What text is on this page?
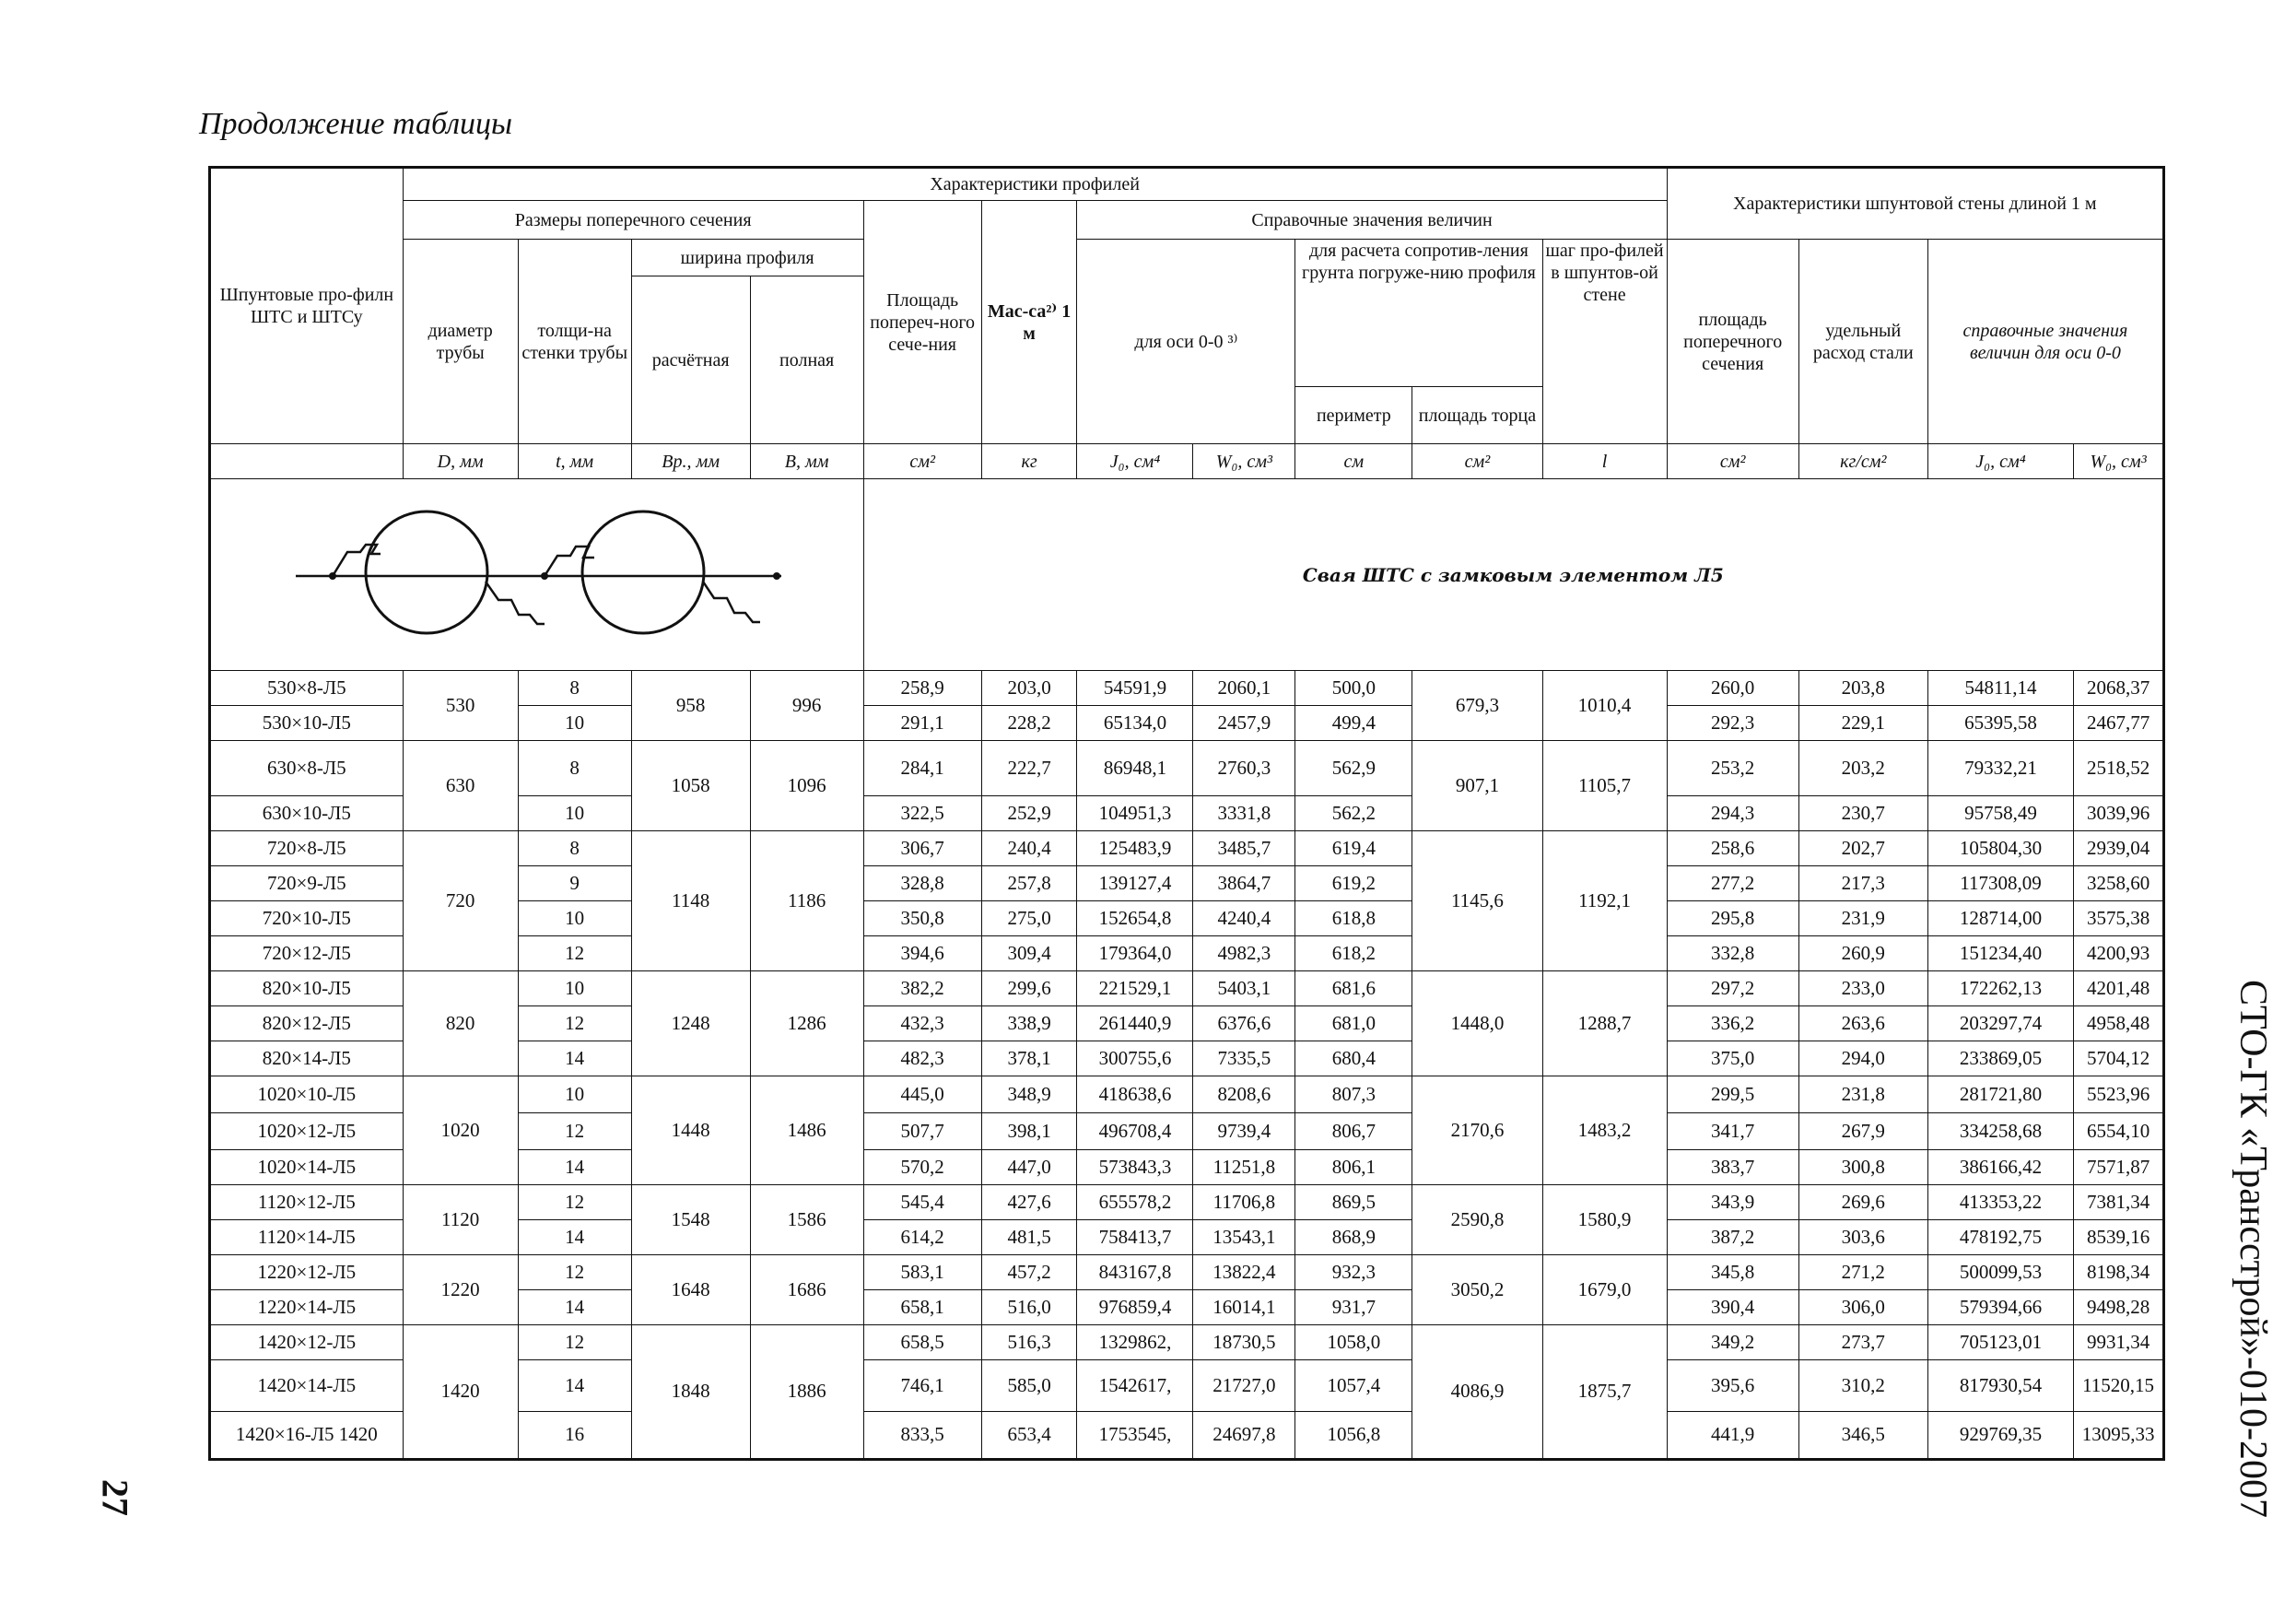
Продолжение таблицы
СТО-ГК «Трансстрой»-010-2007
27
Шпунтовые про-филн ШТС и ШТСу	Характеристики профилей											Характеристики шпунтовой стены длиной 1 м			
	Размеры поперечного сечения				Площадь попереч-ного сече-ния	Мас-са²⁾ 1 м	Справочные значения величин								
	диаметр трубы	толщи-на стенки трубы	ширина профиля				для оси 0-0 ³⁾		для расчета сопротив-ления грунта погруже-нию профиля		шаг про-филей в шпунтов-ой стене	площадь поперечного сечения	удельный расход стали	справочные значения величин для оси 0-0	
			расчётная	полная											
									периметр	площадь торца					
	D, мм	t, мм	Bр., мм	B, мм	см²	кг	J₀, см⁴	W₀, см³	см	см²	l	см²	кг/см²	J₀, см⁴	W₀, см³
	Свая ШТС с замковым элементом Л5										
530×8-Л5	530	8	958	996	258,9	203,0	54591,9	2060,1	500,0	679,3	1010,4	260,0	203,8	54811,14	2068,37
530×10-Л5		10			291,1	228,2	65134,0	2457,9	499,4			292,3	229,1	65395,58	2467,77
630×8-Л5	630	8	1058	1096	284,1	222,7	86948,1	2760,3	562,9	907,1	1105,7	253,2	203,2	79332,21	2518,52
630×10-Л5		10			322,5	252,9	104951,3	3331,8	562,2			294,3	230,7	95758,49	3039,96
720×8-Л5	720	8	1148	1186	306,7	240,4	125483,9	3485,7	619,4	1145,6	1192,1	258,6	202,7	105804,30	2939,04
720×9-Л5		9			328,8	257,8	139127,4	3864,7	619,2			277,2	217,3	117308,09	3258,60
720×10-Л5		10			350,8	275,0	152654,8	4240,4	618,8			295,8	231,9	128714,00	3575,38
720×12-Л5		12			394,6	309,4	179364,0	4982,3	618,2			332,8	260,9	151234,40	4200,93
820×10-Л5	820	10	1248	1286	382,2	299,6	221529,1	5403,1	681,6	1448,0	1288,7	297,2	233,0	172262,13	4201,48
820×12-Л5		12			432,3	338,9	261440,9	6376,6	681,0			336,2	263,6	203297,74	4958,48
820×14-Л5		14			482,3	378,1	300755,6	7335,5	680,4			375,0	294,0	233869,05	5704,12
1020×10-Л5	1020	10	1448	1486	445,0	348,9	418638,6	8208,6	807,3	2170,6	1483,2	299,5	231,8	281721,80	5523,96
1020×12-Л5		12			507,7	398,1	496708,4	9739,4	806,7			341,7	267,9	334258,68	6554,10
1020×14-Л5		14			570,2	447,0	573843,3	11251,8	806,1			383,7	300,8	386166,42	7571,87
1120×12-Л5	1120	12	1548	1586	545,4	427,6	655578,2	11706,8	869,5	2590,8	1580,9	343,9	269,6	413353,22	7381,34
1120×14-Л5		14			614,2	481,5	758413,7	13543,1	868,9			387,2	303,6	478192,75	8539,16
1220×12-Л5	1220	12	1648	1686	583,1	457,2	843167,8	13822,4	932,3	3050,2	1679,0	345,8	271,2	500099,53	8198,34
1220×14-Л5		14			658,1	516,0	976859,4	16014,1	931,7			390,4	306,0	579394,66	9498,28
1420×12-Л5	1420	12	1848	1886	658,5	516,3	1329862,	18730,5	1058,0	4086,9	1875,7	349,2	273,7	705123,01	9931,34
1420×14-Л5		14			746,1	585,0	1542617,	21727,0	1057,4			395,6	310,2	817930,54	11520,15
1420×16-Л5 1420		16			833,5	653,4	1753545,	24697,8	1056,8			441,9	346,5	929769,35	13095,33
